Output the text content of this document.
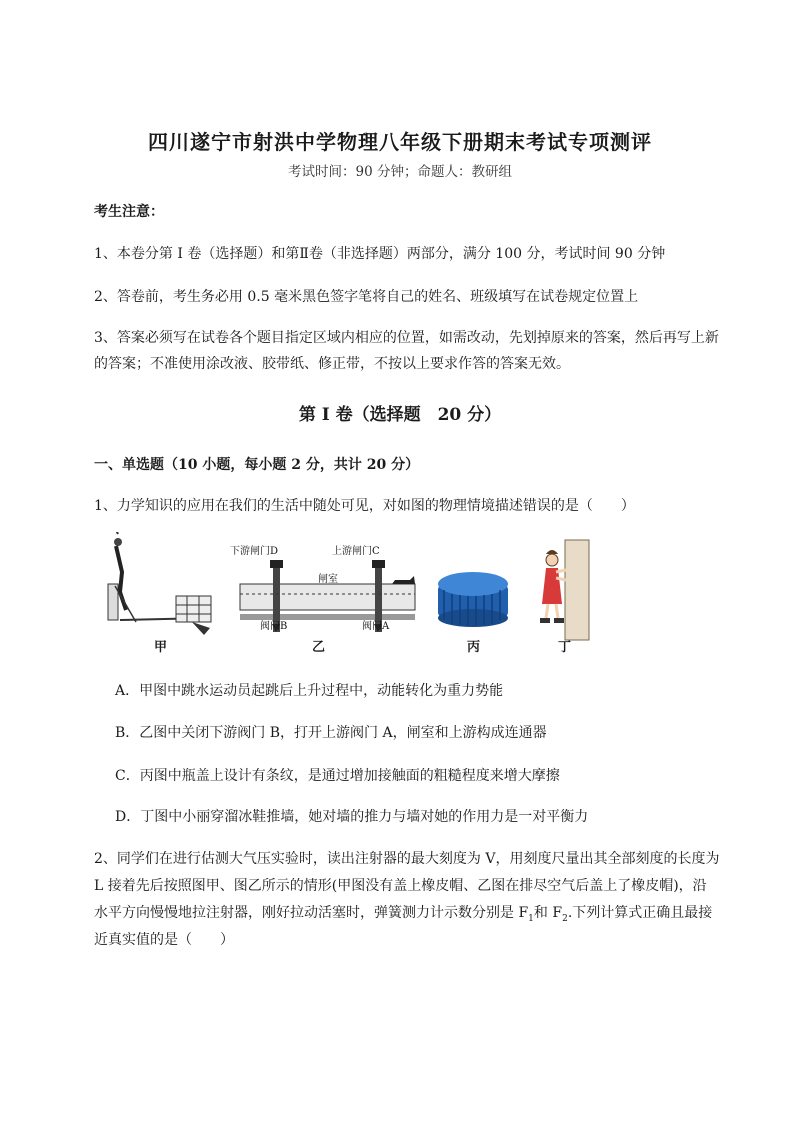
四川遂宁市射洪中学物理八年级下册期末考试专项测评
考试时间：90 分钟；命题人：教研组
考生注意：
1、本卷分第 I 卷（选择题）和第Ⅱ卷（非选择题）两部分，满分 100 分，考试时间 90 分钟
2、答卷前，考生务必用 0.5 毫米黑色签字笔将自己的姓名、班级填写在试卷规定位置上
3、答案必须写在试卷各个题目指定区域内相应的位置，如需改动，先划掉原来的答案，然后再写上新
的答案；不准使用涂改液、胶带纸、修正带，不按以上要求作答的答案无效。
第 I 卷（选择题　20 分）
一、单选题（10 小题，每小题 2 分，共计 20 分）
1、力学知识的应用在我们的生活中随处可见，对如图的物理情境描述错误的是（　　）
下游闸门D	上游闸门C
闸室
阀门B	阀门A
甲	乙	丙	丁
A．甲图中跳水运动员起跳后上升过程中，动能转化为重力势能
B．乙图中关闭下游阀门 B，打开上游阀门 A，闸室和上游构成连通器
C．丙图中瓶盖上设计有条纹，是通过增加接触面的粗糙程度来增大摩擦
D．丁图中小丽穿溜冰鞋推墙，她对墙的推力与墙对她的作用力是一对平衡力
2、同学们在进行估测大气压实验时，读出注射器的最大刻度为 V，用刻度尺量出其全部刻度的长度为
L 接着先后按照图甲、图乙所示的情形(甲图没有盖上橡皮帽、乙图在排尽空气后盖上了橡皮帽)，沿
水平方向慢慢地拉注射器，刚好拉动活塞时，弹簧测力计示数分别是 $F_1$和 $F_2$.下列计算式正确且最接
近真实值的是（　　）
